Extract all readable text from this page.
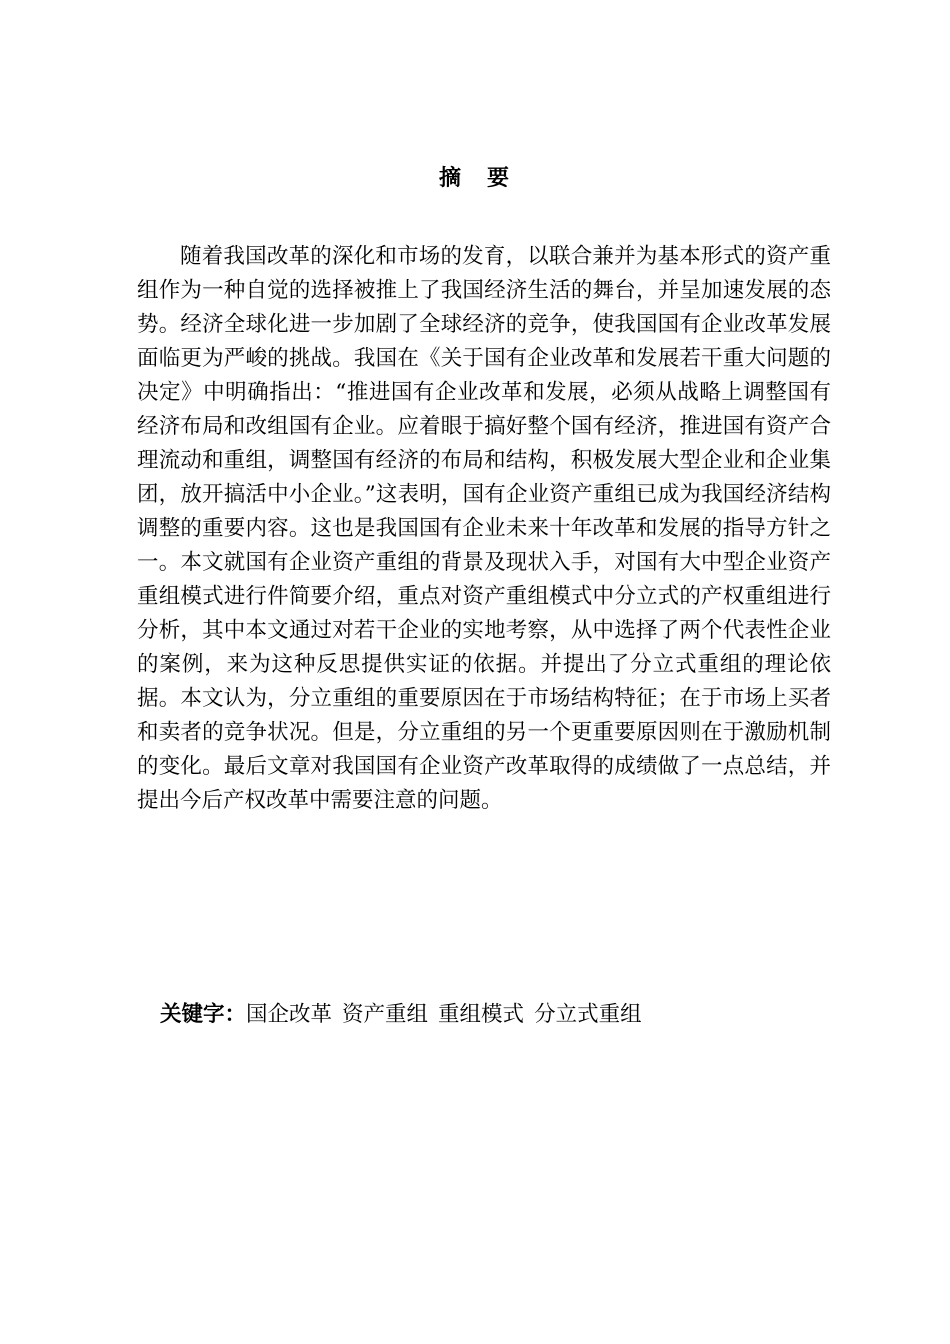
摘　要

随着我国改革的深化和市场的发育，以联合兼并为基本形式的资产重组作为一种自觉的选择被推上了我国经济生活的舞台，并呈加速发展的态势。经济全球化进一步加剧了全球经济的竞争，使我国国有企业改革发展面临更为严峻的挑战。我国在《关于国有企业改革和发展若干重大问题的决定》中明确指出：“推进国有企业改革和发展，必须从战略上调整国有经济布局和改组国有企业。应着眼于搞好整个国有经济，推进国有资产合理流动和重组，调整国有经济的布局和结构，积极发展大型企业和企业集团，放开搞活中小企业。”这表明，国有企业资产重组已成为我国经济结构调整的重要内容。这也是我国国有企业未来十年改革和发展的指导方针之一。本文就国有企业资产重组的背景及现状入手，对国有大中型企业资产重组模式进行件简要介绍，重点对资产重组模式中分立式的产权重组进行分析，其中本文通过对若干企业的实地考察，从中选择了两个代表性企业的案例，来为这种反思提供实证的依据。并提出了分立式重组的理论依据。本文认为，分立重组的重要原因在于市场结构特征；在于市场上买者和卖者的竞争状况。但是，分立重组的另一个更重要原因则在于激励机制的变化。最后文章对我国国有企业资产改革取得的成绩做了一点总结，并提出今后产权改革中需要注意的问题。

关键字：国企改革 资产重组 重组模式 分立式重组
